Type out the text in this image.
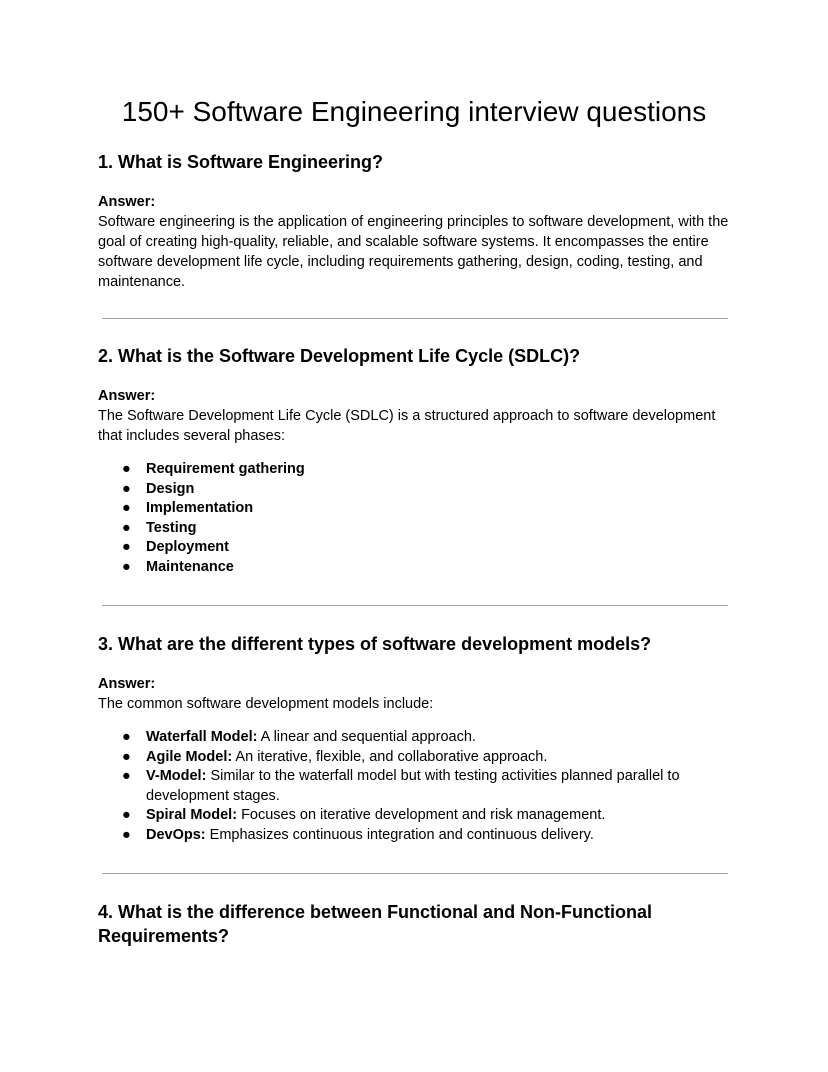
150+ Software Engineering interview questions
1. What is Software Engineering?

Answer:

Software engineering is the application of engineering principles to software development, with the goal of creating high-quality, reliable, and scalable software systems. It encompasses the entire software development life cycle, including requirements gathering, design, coding, testing, and maintenance.

2. What is the Software Development Life Cycle (SDLC)?

Answer:

The Software Development Life Cycle (SDLC) is a structured approach to software development that includes several phases:

● Requirement gathering
● Design
● Implementation
● Testing
● Deployment
● Maintenance
3. What are the different types of software development models?

Answer:

The common software development models include:

● Waterfall Model: A linear and sequential approach.
● Agile Model: An iterative, flexible, and collaborative approach.
● V-Model: Similar to the waterfall model but with testing activities planned parallel to development stages.
● Spiral Model: Focuses on iterative development and risk management.
● DevOps: Emphasizes continuous integration and continuous delivery.
4. What is the difference between Functional and Non-Functional Requirements?
